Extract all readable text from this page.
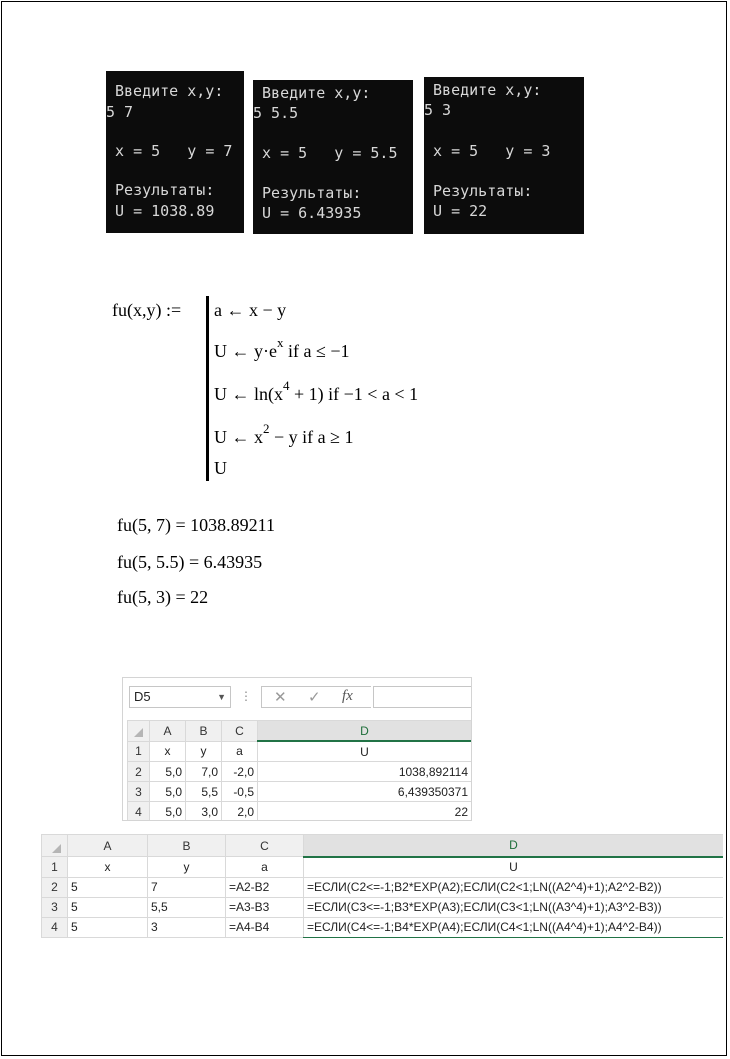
Введите x,y:

5 7

x = 5   y = 7

Результаты:

U = 1038.89

Введите x,y:

5 5.5

x = 5   y = 5.5

Результаты:

U = 6.43935

Введите x,y:

5 3

x = 5   y = 3

Результаты:

U = 22

fu(x,y) := a ← x − y
U ← $y\cdot e^x$ if a ≤ −1
U ← $\ln(x^4 + 1)$ if −1 < a < 1
U ← $x^2 - y$ if a ≥ 1
U
fu(5, 7) = 1038.89211
fu(5, 5.5) = 6.43935
fu(5, 3) = 22
D5	▼ ⋮ ✕ ✓ fx
	A	B	C	D
1	x	y	a	U
2	5,0	7,0	-2,0	1038,892114
3	5,0	5,5	-0,5	6,439350371
4	5,0	3,0	2,0	22
	A	B	C	D
1	x	y	a	U
2	5	7	=A2-B2	=ЕСЛИ(C2<=-1;B2*EXP(A2);ЕСЛИ(C2<1;LN((A2^4)+1);A2^2-B2))
3	5	5,5	=A3-B3	=ЕСЛИ(C3<=-1;B3*EXP(A3);ЕСЛИ(C3<1;LN((A3^4)+1);A3^2-B3))
4	5	3	=A4-B4	=ЕСЛИ(C4<=-1;B4*EXP(A4);ЕСЛИ(C4<1;LN((A4^4)+1);A4^2-B4))
